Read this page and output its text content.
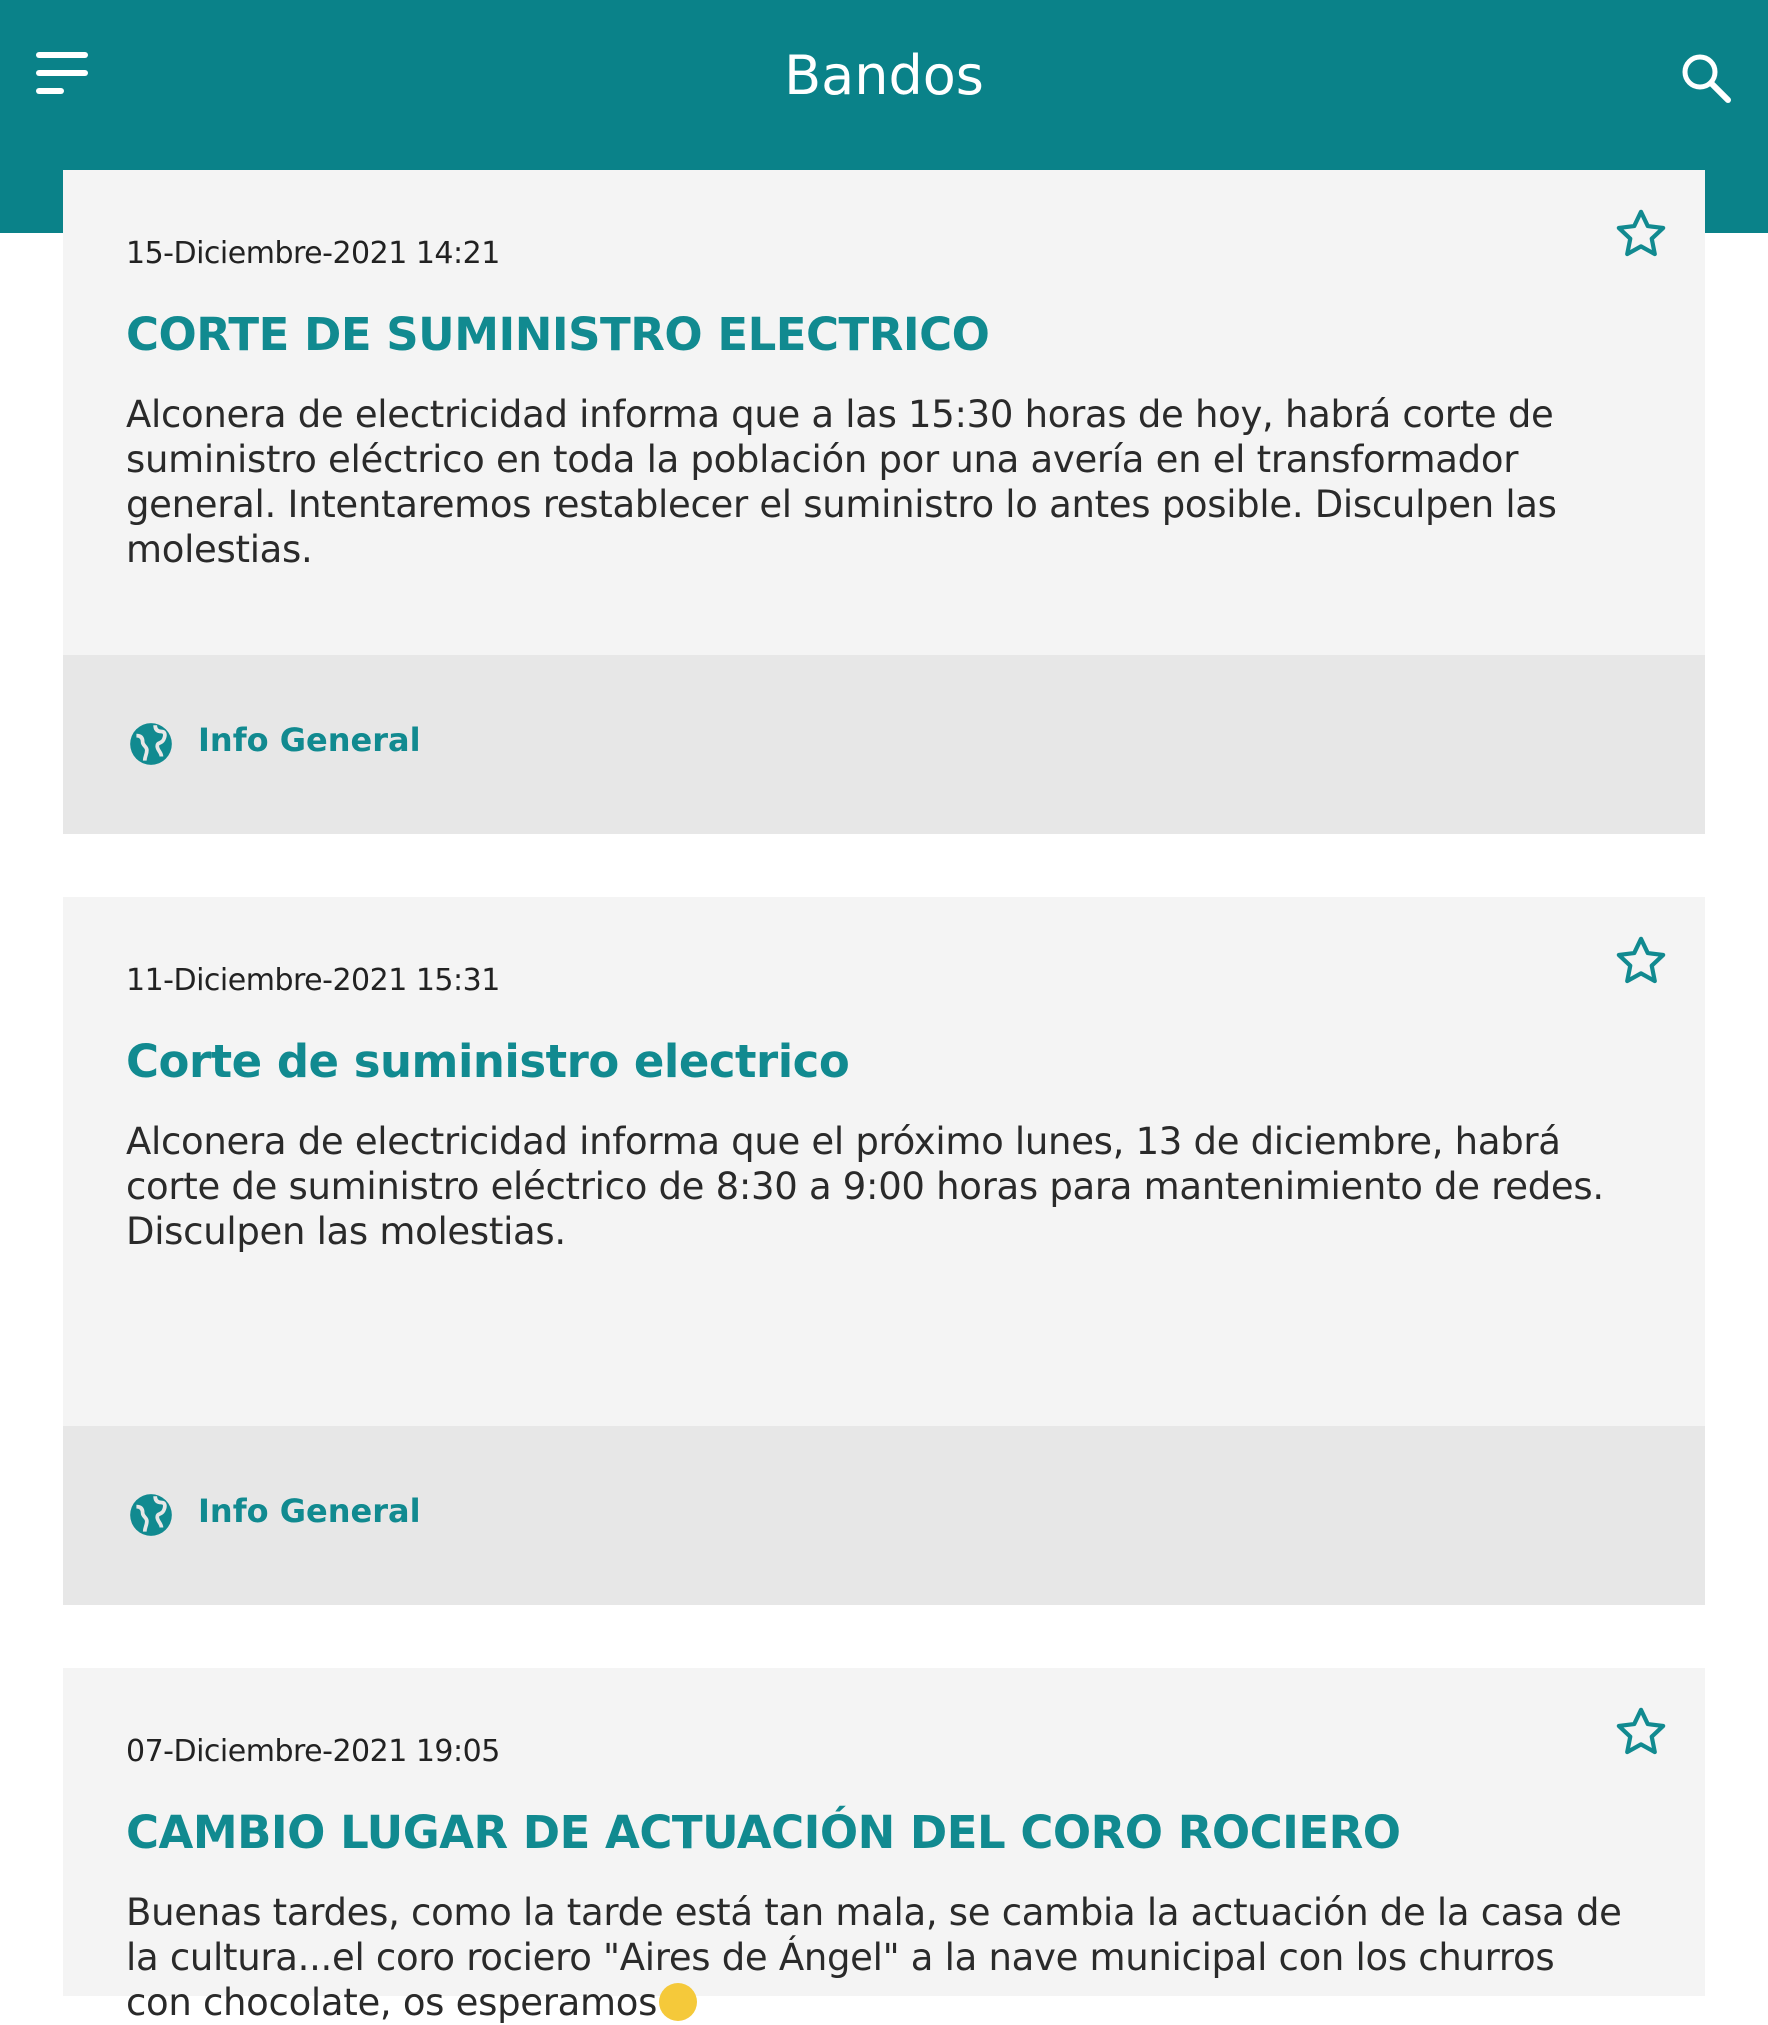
Bandos
15-Diciembre-2021 14:21
CORTE DE SUMINISTRO ELECTRICO
Alconera de electricidad informa que a las 15:30 horas de hoy, habrá corte de suministro eléctrico en toda la población por una avería en el transformador general. Intentaremos restablecer el suministro lo antes posible. Disculpen las molestias.
Info General
11-Diciembre-2021 15:31
Corte de suministro electrico
Alconera de electricidad informa que el próximo lunes, 13 de diciembre, habrá corte de suministro eléctrico de 8:30 a 9:00 horas para mantenimiento de redes. Disculpen las molestias.
Info General
07-Diciembre-2021 19:05
CAMBIO LUGAR DE ACTUACIÓN DEL CORO ROCIERO
Buenas tardes, como la tarde está tan mala, se cambia la actuación de la casa de la cultura...el coro rociero "Aires de Ángel" a la nave municipal con los churros con chocolate, os esperamos
